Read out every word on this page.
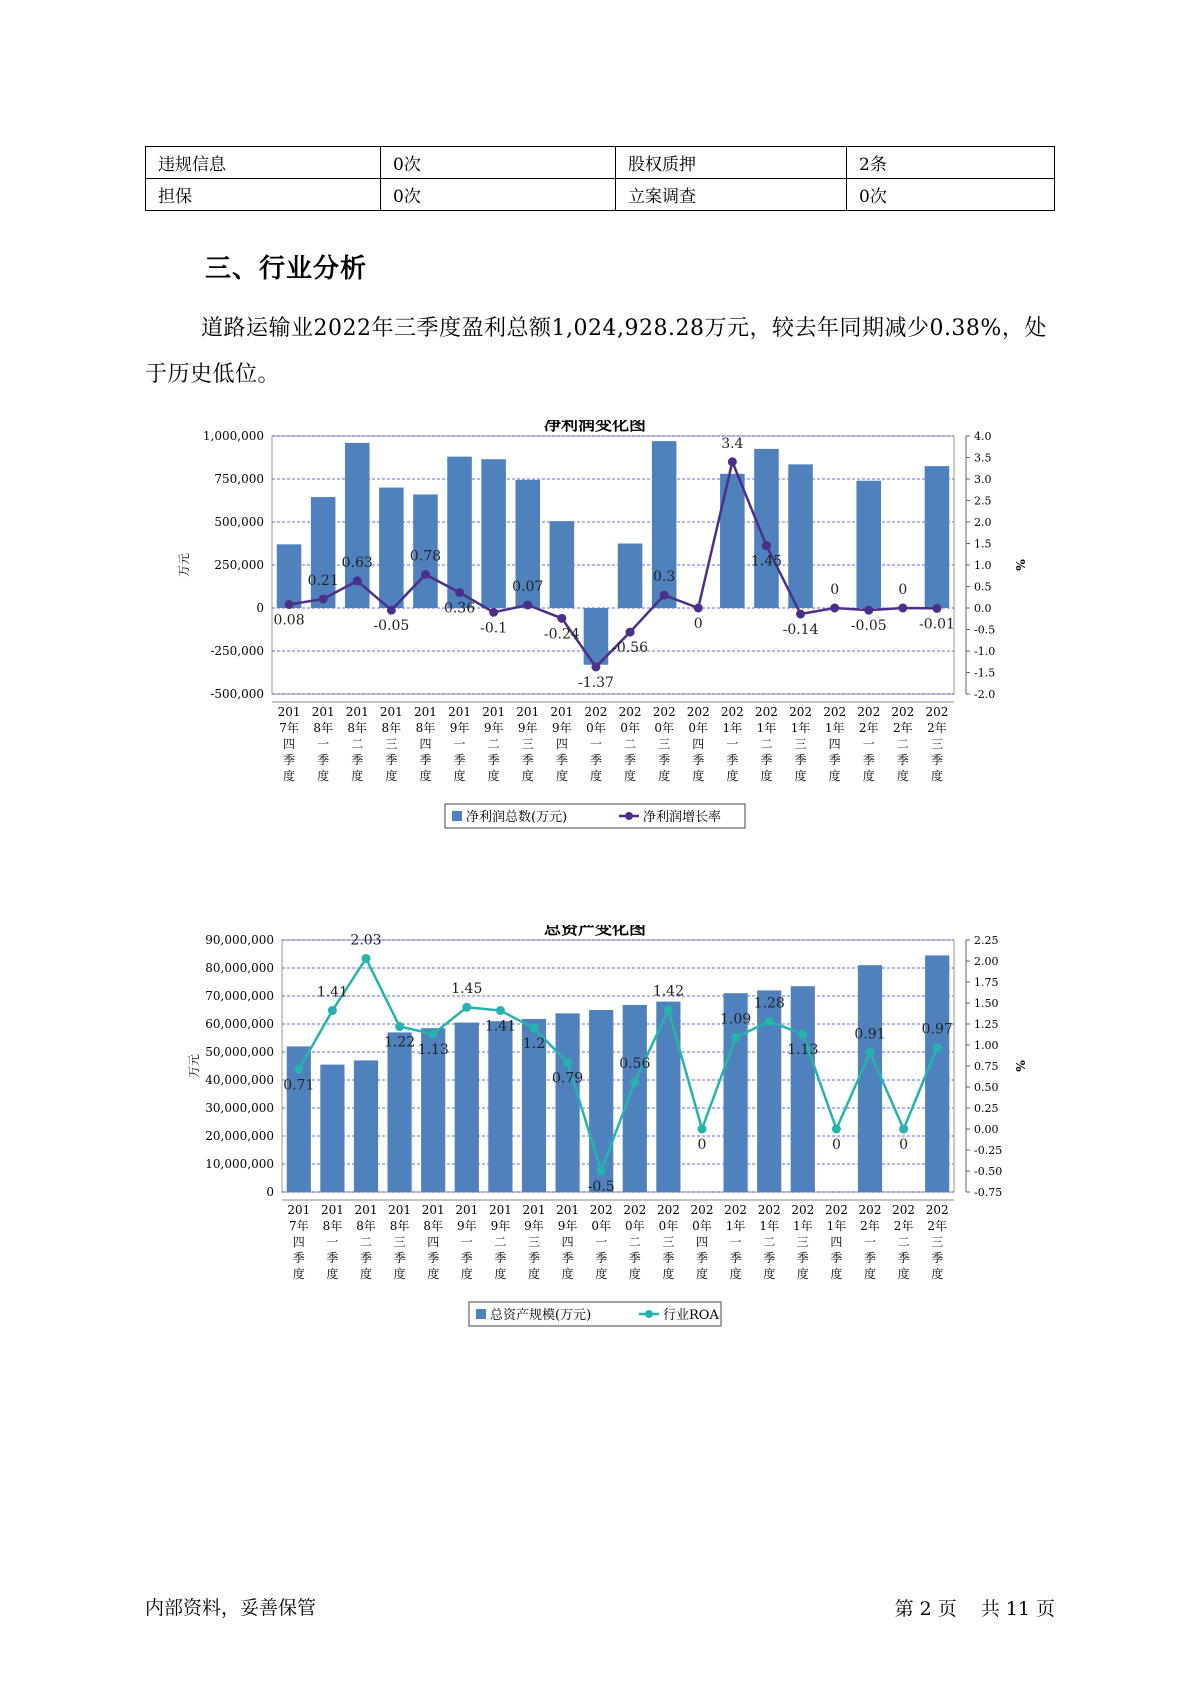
违规信息	0次	股权质押	2条
担保	0次	立案调查	0次
三、行业分析
道路运输业2022年三季度盈利总额1,024,928.28万元，较去年同期减少0.38%，处于历史低位。
净利润变化图
1,000,000
750,000
500,000
250,000
0
-250,000
-500,000
4.0
3.5
3.0
2.5
2.0
1.5
1.0
0.5
0.0
-0.5
-1.0
-1.5
-2.0
万元	%
0.08
0.21
0.63
-0.05
0.78
0.36
-0.1
0.07
-0.24
-1.37
-0.56
0.3
0
3.4
1.45
-0.14
0
-0.05
0
-0.01
201
7年
四
季
度
201
8年
一
季
度
201
8年
二
季
度
201
8年
三
季
度
201
8年
四
季
度
201
9年
一
季
度
201
9年
二
季
度
201
9年
三
季
度
201
9年
四
季
度
202
0年
一
季
度
202
0年
二
季
度
202
0年
三
季
度
202
0年
四
季
度
202
1年
一
季
度
202
1年
二
季
度
202
1年
三
季
度
202
1年
四
季
度
202
2年
一
季
度
202
2年
二
季
度
202
2年
三
季
度
净利润总数(万元)	净利润增长率
总资产变化图
90,000,000
80,000,000
70,000,000
60,000,000
50,000,000
40,000,000
30,000,000
20,000,000
10,000,000
0
2.25
2.00
1.75
1.50
1.25
1.00
0.75
0.50
0.25
0.00
-0.25
-0.50
-0.75
万元	%
0.71
1.41
2.03
1.22 1.13
1.45
1.41
1.2
0.79
-0.5
0.56
1.42
0
1.09
1.28
1.13
0
0.91
0
0.97
201
7年
四
季
度
201
8年
一
季
度
201
8年
二
季
度
201
8年
三
季
度
201
8年
四
季
度
201
9年
一
季
度
201
9年
二
季
度
201
9年
三
季
度
201
9年
四
季
度
202
0年
一
季
度
202
0年
二
季
度
202
0年
三
季
度
202
0年
四
季
度
202
1年
一
季
度
202
1年
二
季
度
202
1年
三
季
度
202
1年
四
季
度
202
2年
一
季
度
202
2年
二
季
度
202
2年
三
季
度
总资产规模(万元)	行业ROA
内部资料，妥善保管	第 2 页 共 11 页
